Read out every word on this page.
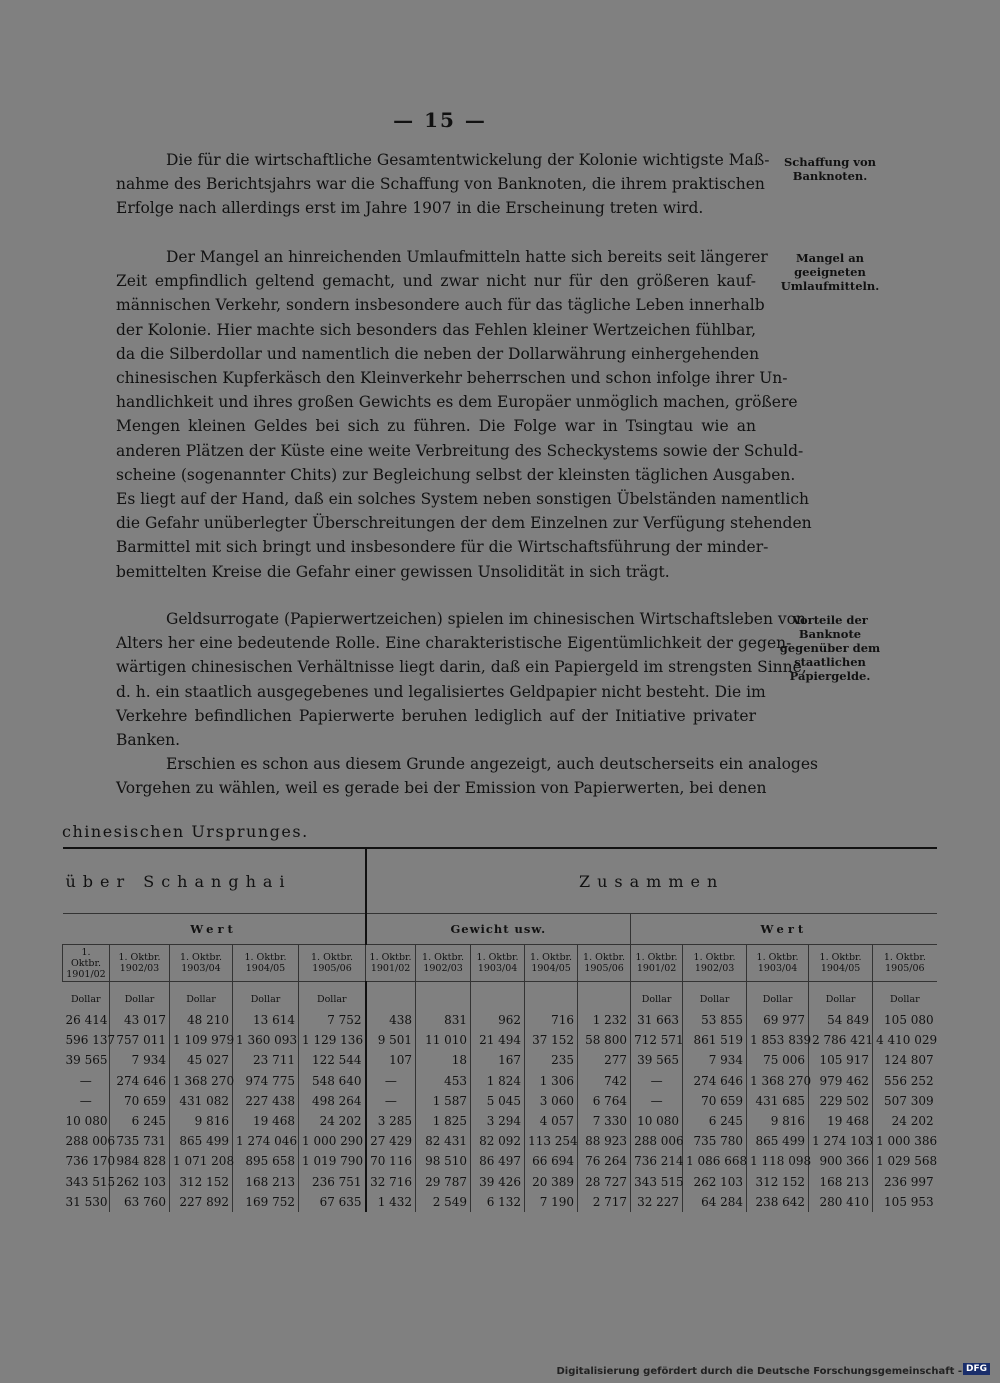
— 15 —
Die für die wirtschaftliche Gesamtentwickelung der Kolonie wichtigste Maß-
nahme des Berichtsjahrs war die Schaffung von Banknoten, die ihrem praktischen
Erfolge nach allerdings erst im Jahre 1907 in die Erscheinung treten wird.
Der Mangel an hinreichenden Umlaufmitteln hatte sich bereits seit längerer
Zeit empfindlich geltend gemacht, und zwar nicht nur für den größeren kauf-
männischen Verkehr, sondern insbesondere auch für das tägliche Leben innerhalb
der Kolonie. Hier machte sich besonders das Fehlen kleiner Wertzeichen fühlbar,
da die Silberdollar und namentlich die neben der Dollarwährung einhergehenden
chinesischen Kupferkäsch den Kleinverkehr beherrschen und schon infolge ihrer Un-
handlichkeit und ihres großen Gewichts es dem Europäer unmöglich machen, größere
Mengen kleinen Geldes bei sich zu führen. Die Folge war in Tsingtau wie an
anderen Plätzen der Küste eine weite Verbreitung des Scheckystems sowie der Schuld-
scheine (sogenannter Chits) zur Begleichung selbst der kleinsten täglichen Ausgaben.
Es liegt auf der Hand, daß ein solches System neben sonstigen Übelständen namentlich
die Gefahr unüberlegter Überschreitungen der dem Einzelnen zur Verfügung stehenden
Barmittel mit sich bringt und insbesondere für die Wirtschaftsführung der minder-
bemittelten Kreise die Gefahr einer gewissen Unsolidität in sich trägt.
Geldsurrogate (Papierwertzeichen) spielen im chinesischen Wirtschaftsleben von
Alters her eine bedeutende Rolle. Eine charakteristische Eigentümlichkeit der gegen-
wärtigen chinesischen Verhältnisse liegt darin, daß ein Papiergeld im strengsten Sinne,
d. h. ein staatlich ausgegebenes und legalisiertes Geldpapier nicht besteht. Die im
Verkehre befindlichen Papierwerte beruhen lediglich auf der Initiative privater
Banken.
Erschien es schon aus diesem Grunde angezeigt, auch deutscherseits ein analoges
Vorgehen zu wählen, weil es gerade bei der Emission von Papierwerten, bei denen
Schaffung von Banknoten.
Mangel an geeigneten Umlaufmitteln.
Vorteile der Banknote gegenüber dem staatlichen Papiergelde.
chinesischen Ursprunges.
über Schanghai					Zusammen									
Wert					Gewicht usw.					Wert				
1. Oktbr. 1901/02	1. Oktbr. 1902/03	1. Oktbr. 1903/04	1. Oktbr. 1904/05	1. Oktbr. 1905/06	1. Oktbr. 1901/02	1. Oktbr. 1902/03	1. Oktbr. 1903/04	1. Oktbr. 1904/05	1. Oktbr. 1905/06	1. Oktbr. 1901/02	1. Oktbr. 1902/03	1. Oktbr. 1903/04	1. Oktbr. 1904/05	1. Oktbr. 1905/06
Dollar	Dollar	Dollar	Dollar	Dollar						Dollar	Dollar	Dollar	Dollar	Dollar
26 414	43 017	48 210	13 614	7 752	438	831	962	716	1 232	31 663	53 855	69 977	54 849	105 080
596 137	757 011	1 109 979	1 360 093	1 129 136	9 501	11 010	21 494	37 152	58 800	712 571	861 519	1 853 839	2 786 421	4 410 029
39 565	7 934	45 027	23 711	122 544	107	18	167	235	277	39 565	7 934	75 006	105 917	124 807
—	274 646	1 368 270	974 775	548 640	—	453	1 824	1 306	742	—	274 646	1 368 270	979 462	556 252
—	70 659	431 082	227 438	498 264	—	1 587	5 045	3 060	6 764	—	70 659	431 685	229 502	507 309
10 080	6 245	9 816	19 468	24 202	3 285	1 825	3 294	4 057	7 330	10 080	6 245	9 816	19 468	24 202
288 006	735 731	865 499	1 274 046	1 000 290	27 429	82 431	82 092	113 254	88 923	288 006	735 780	865 499	1 274 103	1 000 386
736 170	984 828	1 071 208	895 658	1 019 790	70 116	98 510	86 497	66 694	76 264	736 214	1 086 668	1 118 098	900 366	1 029 568
343 515	262 103	312 152	168 213	236 751	32 716	29 787	39 426	20 389	28 727	343 515	262 103	312 152	168 213	236 997
31 530	63 760	227 892	169 752	67 635	1 432	2 549	6 132	7 190	2 717	32 227	64 284	238 642	280 410	105 953
Digitalisierung gefördert durch die Deutsche Forschungsgemeinschaft - DFG
